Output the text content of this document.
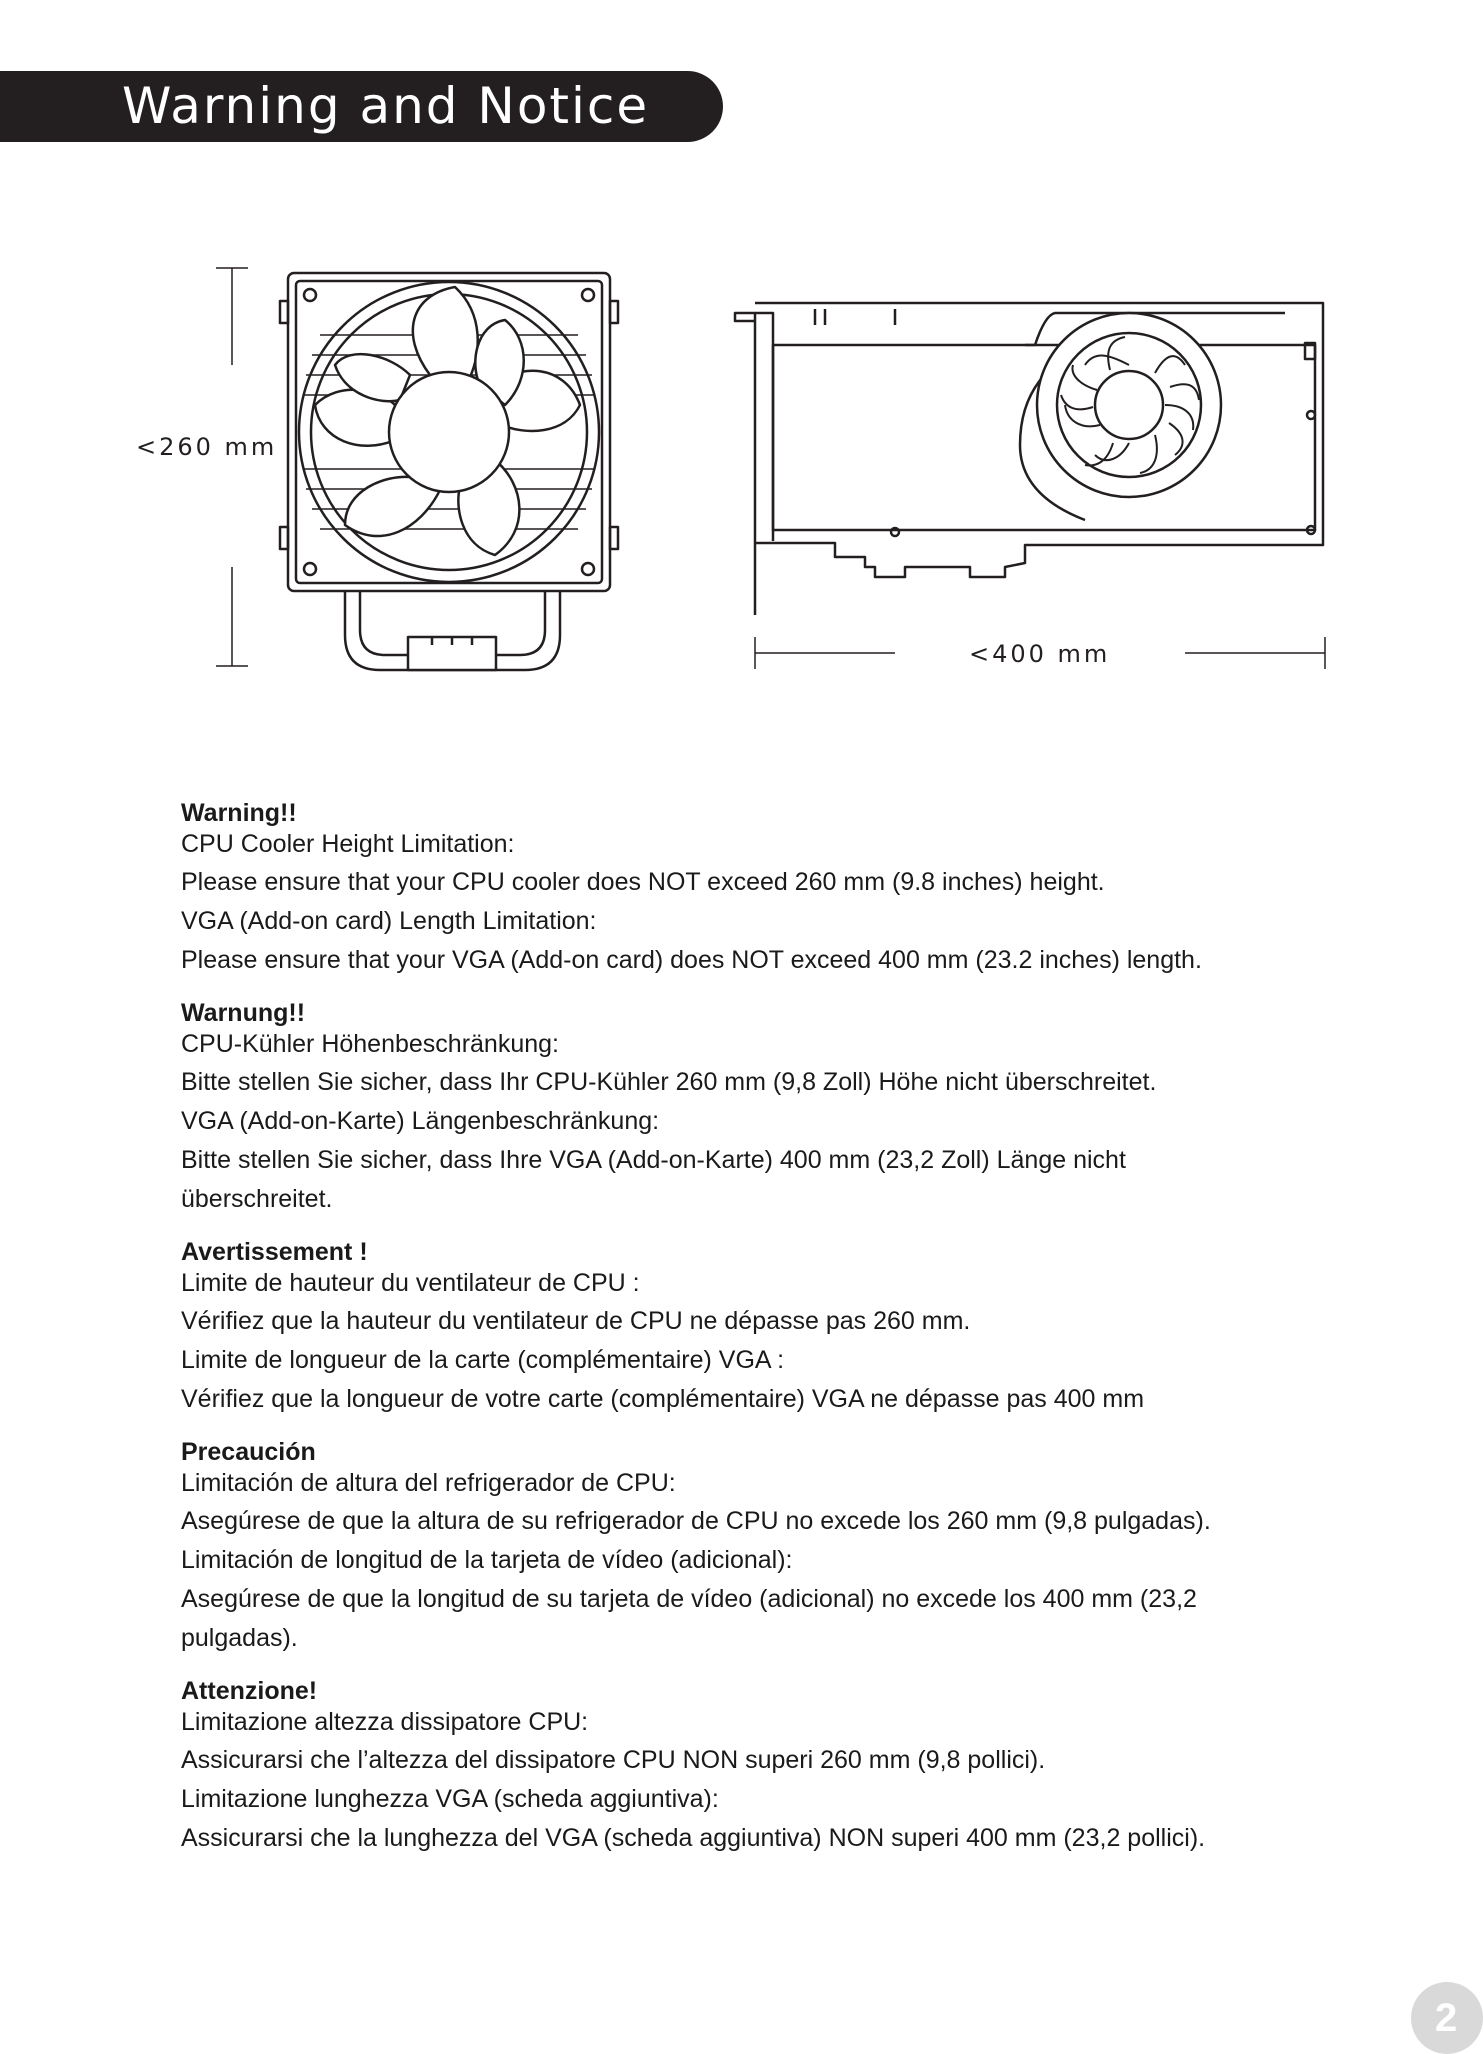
Warning and Notice
<260 mm
<400 mm

Warning!!

CPU Cooler Height Limitation:

Please ensure that your CPU cooler does NOT exceed 260 mm (9.8 inches) height.

VGA (Add-on card) Length Limitation:

Please ensure that your VGA (Add-on card) does NOT exceed 400 mm (23.2 inches) length.

Warnung!!

CPU-Kühler Höhenbeschränkung:

Bitte stellen Sie sicher, dass Ihr CPU-Kühler 260 mm (9,8 Zoll) Höhe nicht überschreitet.

VGA (Add-on-Karte) Längenbeschränkung:

Bitte stellen Sie sicher, dass Ihre VGA (Add-on-Karte) 400 mm (23,2 Zoll) Länge nicht

überschreitet.

Avertissement !

Limite de hauteur du ventilateur de CPU :

Vérifiez que la hauteur du ventilateur de CPU ne dépasse pas 260 mm.

Limite de longueur de la carte (complémentaire) VGA :

Vérifiez que la longueur de votre carte (complémentaire) VGA ne dépasse pas 400 mm

Precaución

Limitación de altura del refrigerador de CPU:

Asegúrese de que la altura de su refrigerador de CPU no excede los 260 mm (9,8 pulgadas).

Limitación de longitud de la tarjeta de vídeo (adicional):

Asegúrese de que la longitud de su tarjeta de vídeo (adicional) no excede los 400 mm (23,2

pulgadas).

Attenzione!

Limitazione altezza dissipatore CPU:

Assicurarsi che l’altezza del dissipatore CPU NON superi 260 mm (9,8 pollici).

Limitazione lunghezza VGA (scheda aggiuntiva):

Assicurarsi che la lunghezza del VGA (scheda aggiuntiva) NON superi 400 mm (23,2 pollici).

2
